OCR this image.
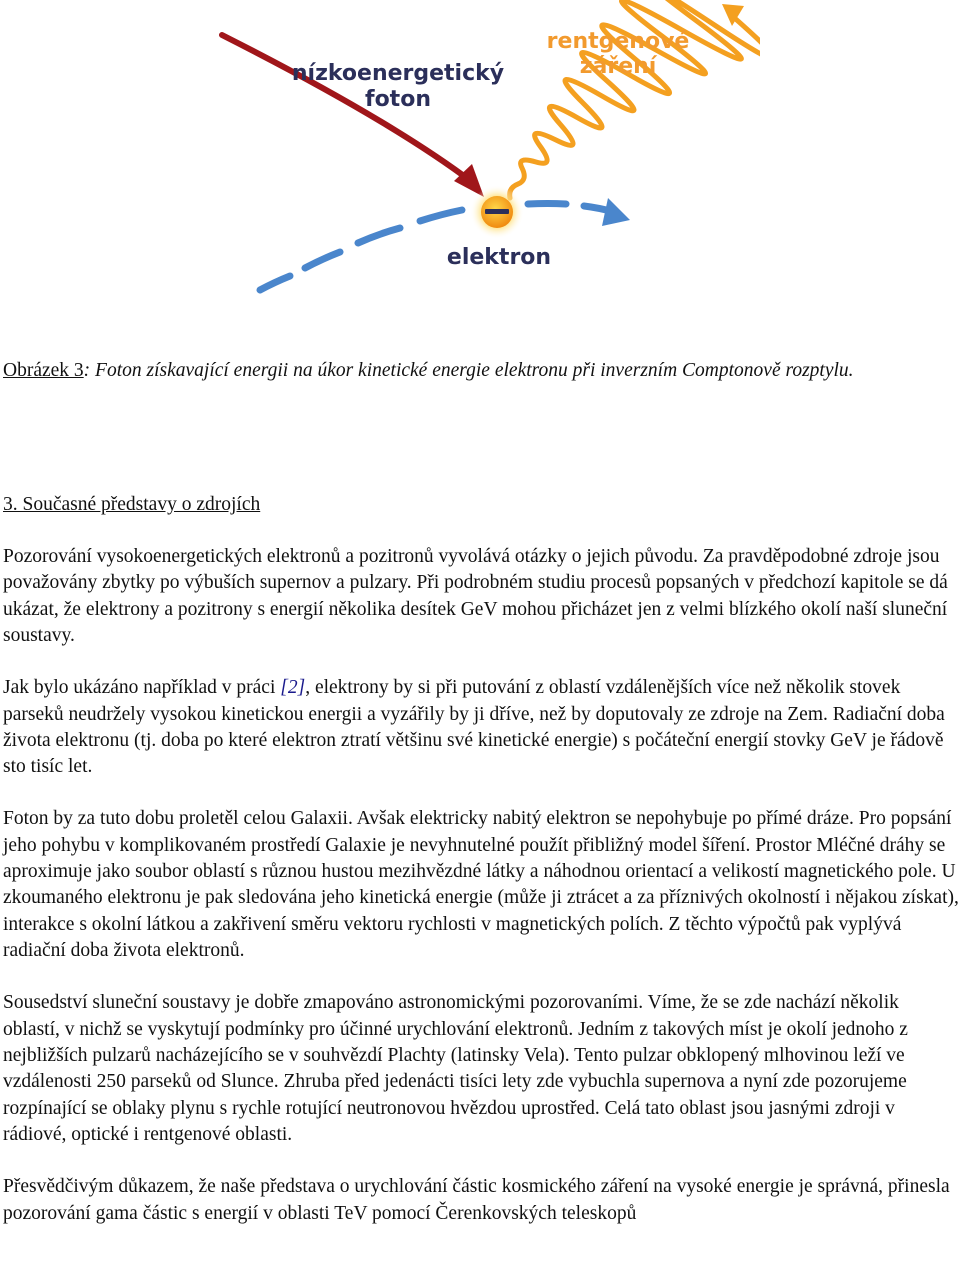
nízkoenergetický
foton
rentgenové
záření
elektron
Obrázek 3: Foton získavající energii na úkor kinetické energie elektronu při inverzním Comptonově rozptylu.
3. Současné představy o zdrojích

Pozorování vysokoenergetických elektronů a pozitronů vyvolává otázky o jejich původu. Za pravděpodobné zdroje jsou považovány zbytky po výbuších supernov a pulzary. Při podrobném studiu procesů popsaných v předchozí kapitole se dá ukázat, že elektrony a pozitrony s energií několika desítek GeV mohou přicházet jen z velmi blízkého okolí naší sluneční soustavy.

Jak bylo ukázáno například v práci [2], elektrony by si při putování z oblastí vzdálenějších více než několik stovek parseků neudržely vysokou kinetickou energii a vyzářily by ji dříve, než by doputovaly ze zdroje na Zem. Radiační doba života elektronu (tj. doba po které elektron ztratí většinu své kinetické energie) s počáteční energií stovky GeV je řádově sto tisíc let.

Foton by za tuto dobu proletěl celou Galaxii. Avšak elektricky nabitý elektron se nepohybuje po přímé dráze. Pro popsání jeho pohybu v komplikovaném prostředí Galaxie je nevyhnutelné použít přibližný model šíření. Prostor Mléčné dráhy se aproximuje jako soubor oblastí s různou hustou mezihvězdné látky a náhodnou orientací a velikostí magnetického pole. U zkoumaného elektronu je pak sledována jeho kinetická energie (může ji ztrácet a za příznivých okolností i nějakou získat), interakce s okolní látkou a zakřivení směru vektoru rychlosti v magnetických polích. Z těchto výpočtů pak vyplývá radiační doba života elektronů.

Sousedství sluneční soustavy je dobře zmapováno astronomickými pozorovaními. Víme, že se zde nachází několik oblastí, v nichž se vyskytují podmínky pro účinné urychlování elektronů. Jedním z takových míst je okolí jednoho z nejbližších pulzarů nacházejícího se v souhvězdí Plachty (latinsky Vela). Tento pulzar obklopený mlhovinou leží ve vzdálenosti 250 parseků od Slunce. Zhruba před jedenácti tisíci lety zde vybuchla supernova a nyní zde pozorujeme rozpínající se oblaky plynu s rychle rotující neutronovou hvězdou uprostřed. Celá tato oblast jsou jasnými zdroji v rádiové, optické i rentgenové oblasti.

Přesvědčivým důkazem, že naše představa o urychlování částic kosmického záření na vysoké energie je správná, přinesla pozorování gama částic s energií v oblasti TeV pomocí Čerenkovských teleskopů
